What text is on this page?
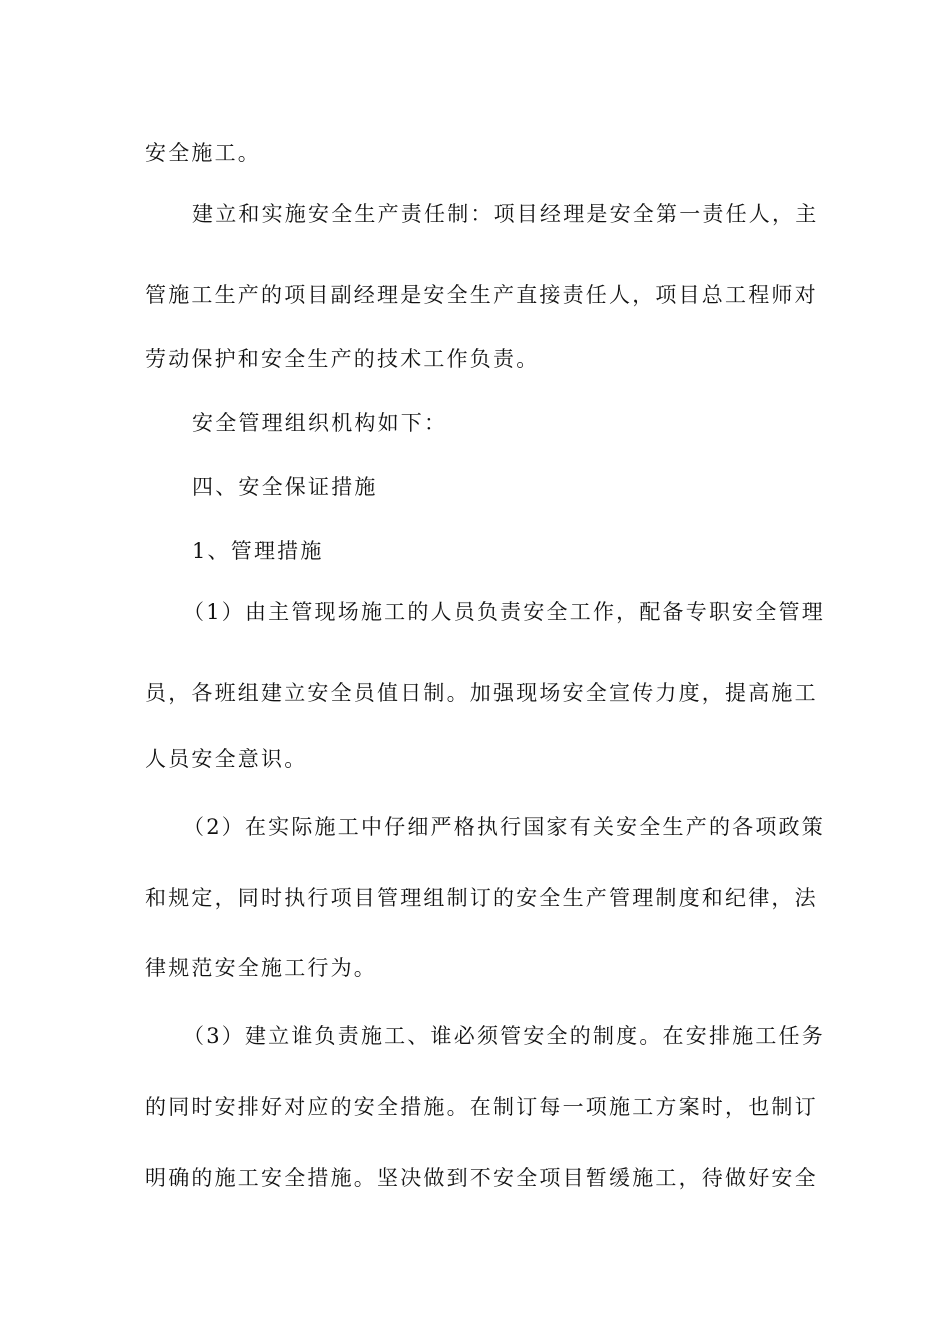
安全施工。
建立和实施安全生产责任制：项目经理是安全第一责任人，主
管施工生产的项目副经理是安全生产直接责任人，项目总工程师对
劳动保护和安全生产的技术工作负责。
安全管理组织机构如下：
四、安全保证措施
1、管理措施
（1）由主管现场施工的人员负责安全工作，配备专职安全管理
员，各班组建立安全员值日制。加强现场安全宣传力度，提高施工
人员安全意识。
（2）在实际施工中仔细严格执行国家有关安全生产的各项政策
和规定，同时执行项目管理组制订的安全生产管理制度和纪律，法
律规范安全施工行为。
（3）建立谁负责施工、谁必须管安全的制度。在安排施工任务
的同时安排好对应的安全措施。在制订每一项施工方案时，也制订
明确的施工安全措施。坚决做到不安全项目暂缓施工，待做好安全
